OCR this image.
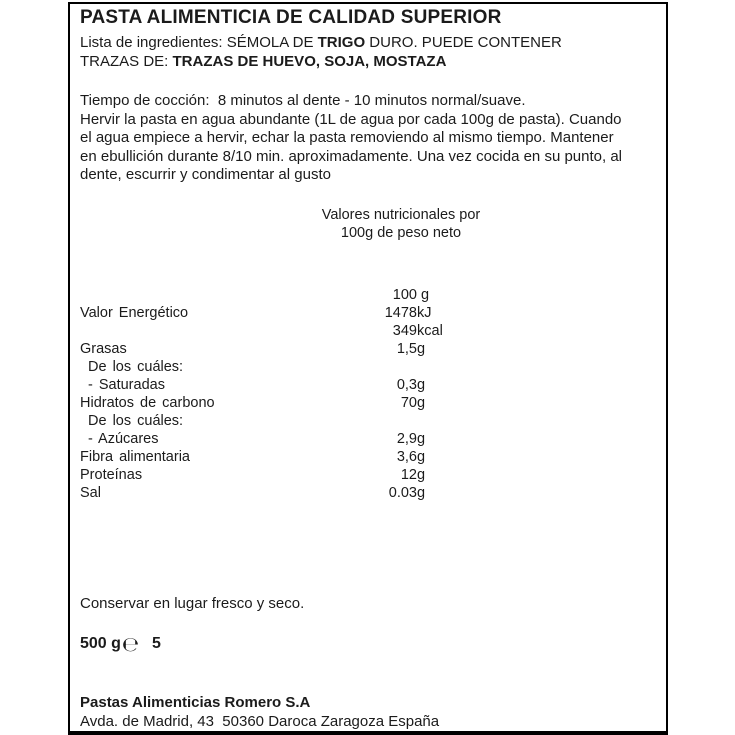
PASTA ALIMENTICIA DE CALIDAD SUPERIOR
Lista de ingredientes: SÉMOLA DE TRIGO DURO. PUEDE CONTENER
TRAZAS DE: TRAZAS DE HUEVO, SOJA, MOSTAZA
Tiempo de cocción:  8 minutos al dente - 10 minutos normal/suave.
Hervir la pasta en agua abundante (1L de agua por cada 100g de pasta). Cuando
el agua empiece a hervir, echar la pasta removiendo al mismo tiempo. Mantener
en ebullición durante 8/10 min. aproximadamente. Una vez cocida en su punto, al
dente, escurrir y condimentar al gusto
Valores nutricionales por
100g de peso neto
100 g
Valor Energético	1478 kJ
349 kcal
Grasas	1,5 g
De los cuáles:
- Saturadas	0,3 g
Hidratos de carbono	70 g
De los cuáles:
- Azúcares	2,9 g
Fibra alimentaria	3,6 g
Proteínas	12 g
Sal	0.03 g
Conservar en lugar fresco y seco.
500 g ℮ 5
Pastas Alimenticias Romero S.A
Avda. de Madrid, 43  50360 Daroca Zaragoza España
